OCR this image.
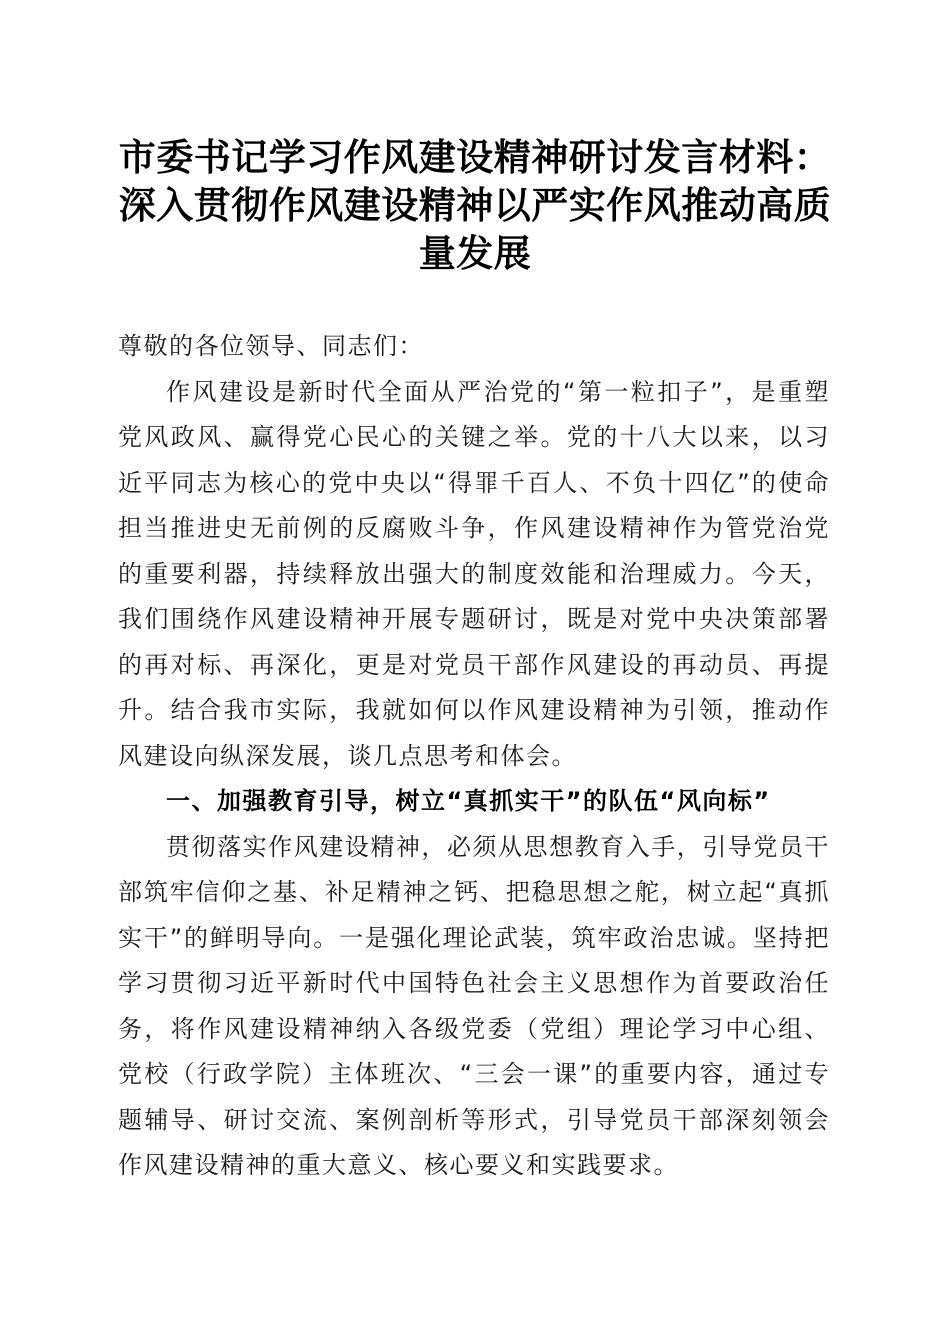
市委书记学习作风建设精神研讨发言材料：深入贯彻作风建设精神以严实作风推动高质量发展

尊敬的各位领导、同志们：

作风建设是新时代全面从严治党的“第一粒扣子”，是重塑党风政风、赢得党心民心的关键之举。党的十八大以来，以习近平同志为核心的党中央以“得罪千百人、不负十四亿”的使命担当推进史无前例的反腐败斗争，作风建设精神作为管党治党的重要利器，持续释放出强大的制度效能和治理威力。今天，我们围绕作风建设精神开展专题研讨，既是对党中央决策部署的再对标、再深化，更是对党员干部作风建设的再动员、再提升。结合我市实际，我就如何以作风建设精神为引领，推动作风建设向纵深发展，谈几点思考和体会。

一、加强教育引导，树立“真抓实干”的队伍“风向标”

贯彻落实作风建设精神，必须从思想教育入手，引导党员干部筑牢信仰之基、补足精神之钙、把稳思想之舵，树立起“真抓实干”的鲜明导向。一是强化理论武装，筑牢政治忠诚。坚持把学习贯彻习近平新时代中国特色社会主义思想作为首要政治任务，将作风建设精神纳入各级党委（党组）理论学习中心组、党校（行政学院）主体班次、“三会一课”的重要内容，通过专题辅导、研讨交流、案例剖析等形式，引导党员干部深刻领会作风建设精神的重大意义、核心要义和实践要求。
